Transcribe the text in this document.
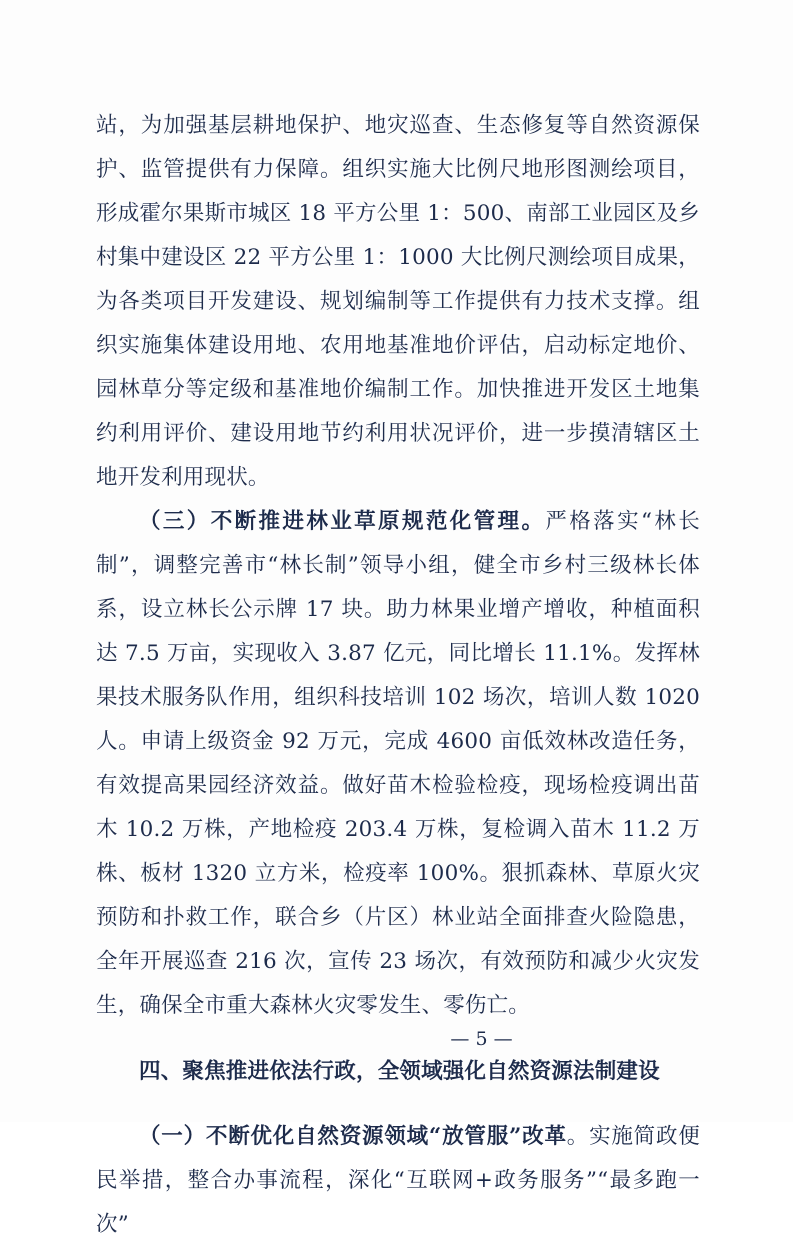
站，为加强基层耕地保护、地灾巡查、生态修复等自然资源保护、监管提供有力保障。组织实施大比例尺地形图测绘项目，形成霍尔果斯市城区 18 平方公里 1：500、南部工业园区及乡村集中建设区 22 平方公里 1：1000 大比例尺测绘项目成果，为各类项目开发建设、规划编制等工作提供有力技术支撑。组织实施集体建设用地、农用地基准地价评估，启动标定地价、园林草分等定级和基准地价编制工作。加快推进开发区土地集约利用评价、建设用地节约利用状况评价，进一步摸清辖区土地开发利用现状。

（三）不断推进林业草原规范化管理。严格落实“林长制”，调整完善市“林长制”领导小组，健全市乡村三级林长体系，设立林长公示牌 17 块。助力林果业增产增收，种植面积达 7.5 万亩，实现收入 3.87 亿元，同比增长 11.1%。发挥林果技术服务队作用，组织科技培训 102 场次，培训人数 1020 人。申请上级资金 92 万元，完成 4600 亩低效林改造任务，有效提高果园经济效益。做好苗木检验检疫，现场检疫调出苗木 10.2 万株，产地检疫 203.4 万株，复检调入苗木 11.2 万株、板材 1320 立方米，检疫率 100%。狠抓森林、草原火灾预防和扑救工作，联合乡（片区）林业站全面排查火险隐患，全年开展巡查 216 次，宣传 23 场次，有效预防和减少火灾发生，确保全市重大森林火灾零发生、零伤亡。

四、聚焦推进依法行政，全领域强化自然资源法制建设

（一）不断优化自然资源领域“放管服”改革。实施简政便民举措，整合办事流程，深化“互联网+政务服务”“最多跑一次”

— 5 —
